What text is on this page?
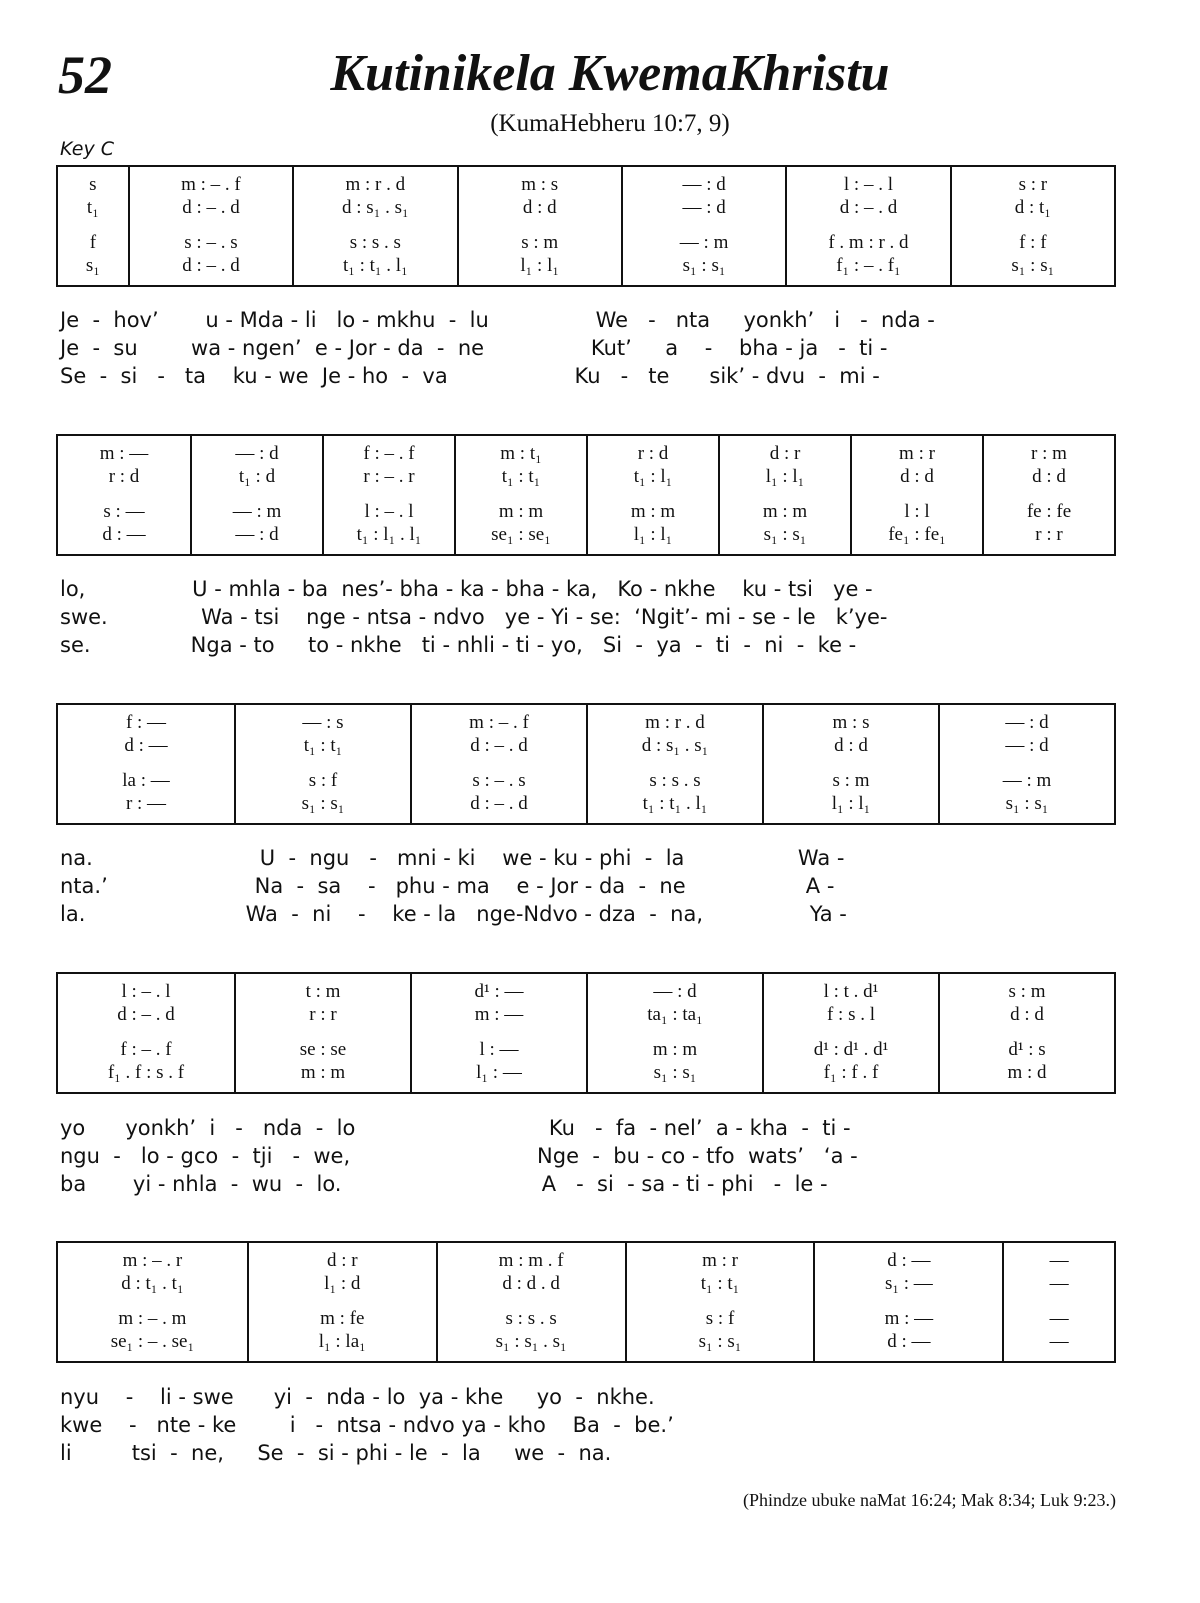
52	Kutinikela KwemaKhristu
(KumaHebheru 10:7, 9)
Key C
s
t₁
f
s₁
m : – . f
d : – . d
s : – . s
d : – . d
m : r . d
d : s₁ . s₁
s : s . s
t₁ : t₁ . l₁
m : s
d : d
s : m
l₁ : l₁
— : d
— : d
— : m
s₁ : s₁
l : – . l
d : – . d
f . m : r . d
f₁ : – . f₁
s : r
d : t₁
f : f
s₁ : s₁
Je  -  hov’       u - Mda - li   lo - mkhu  -  lu                We   -   nta     yonkh’   i   -  nda -
Je  -  su        wa - ngen’  e - Jor - da  -  ne                Kut’     a    -    bha - ja   -  ti -
Se  -  si   -   ta    ku - we  Je - ho  -  va                   Ku   -   te      sik’ - dvu  -  mi -
m : —
r : d
s : —
d : —
— : d
t₁ : d
— : m
— : d
f : – . f
r : – . r
l : – . l
t₁ : l₁ . l₁
m : t₁
t₁ : t₁
m : m
se₁ : se₁
r : d
t₁ : l₁
m : m
l₁ : l₁
d : r
l₁ : l₁
m : m
s₁ : s₁
m : r
d : d
l : l
fe₁ : fe₁
r : m
d : d
fe : fe
r : r
lo,                U - mhla - ba  nes’- bha - ka - bha - ka,   Ko - nkhe    ku - tsi   ye -
swe.              Wa - tsi    nge - ntsa - ndvo   ye - Yi - se:  ‘Ngit’- mi - se - le   k’ye-
se.               Nga - to     to - nkhe   ti - nhli - ti - yo,   Si  -  ya  -  ti  -  ni  -  ke -
f : —
d : —
la : —
r : —
— : s
t₁ : t₁
s : f
s₁ : s₁
m : – . f
d : – . d
s : – . s
d : – . d
m : r . d
d : s₁ . s₁
s : s . s
t₁ : t₁ . l₁
m : s
d : d
s : m
l₁ : l₁
— : d
— : d
— : m
s₁ : s₁
na.                         U  -  ngu   -   mni - ki    we - ku - phi  -  la                 Wa -
nta.’                      Na  -  sa    -   phu - ma    e - Jor - da  -  ne                  A -
la.                        Wa  -  ni    -    ke - la   nge-Ndvo - dza  -  na,                Ya -
l : – . l
d : – . d
f : – . f
f₁ . f : s . f
t : m
r : r
se : se
m : m
d¹ : —
m : —
l : —
l₁ : —
— : d
ta₁ : ta₁
m : m
s₁ : s₁
l : t . d¹
f : s . l
d¹ : d¹ . d¹
f₁ : f . f
s : m
d : d
d¹ : s
m : d
yo      yonkh’  i   -   nda  -  lo                             Ku   -  fa  - nel’  a - kha  -  ti -
ngu  -   lo - gco  -  tji   -  we,                            Nge  -  bu - co - tfo  wats’   ‘a -
ba       yi - nhla  -  wu  -  lo.                              A   -  si  - sa - ti - phi   -  le -
m : – . r
d : t₁ . t₁
m : – . m
se₁ : – . se₁
d : r
l₁ : d
m : fe
l₁ : la₁
m : m . f
d : d . d
s : s . s
s₁ : s₁ . s₁
m : r
t₁ : t₁
s : f
s₁ : s₁
d : —
s₁ : —
m : —
d : —
—
—
—
—
nyu    -    li - swe      yi  -  nda - lo  ya - khe     yo  -  nkhe.
kwe    -   nte - ke        i   -  ntsa - ndvo ya - kho    Ba  -  be.’
li         tsi  -  ne,     Se  -  si - phi - le  -  la     we  -  na.
(Phindze ubuke naMat 16:24; Mak 8:34; Luk 9:23.)
